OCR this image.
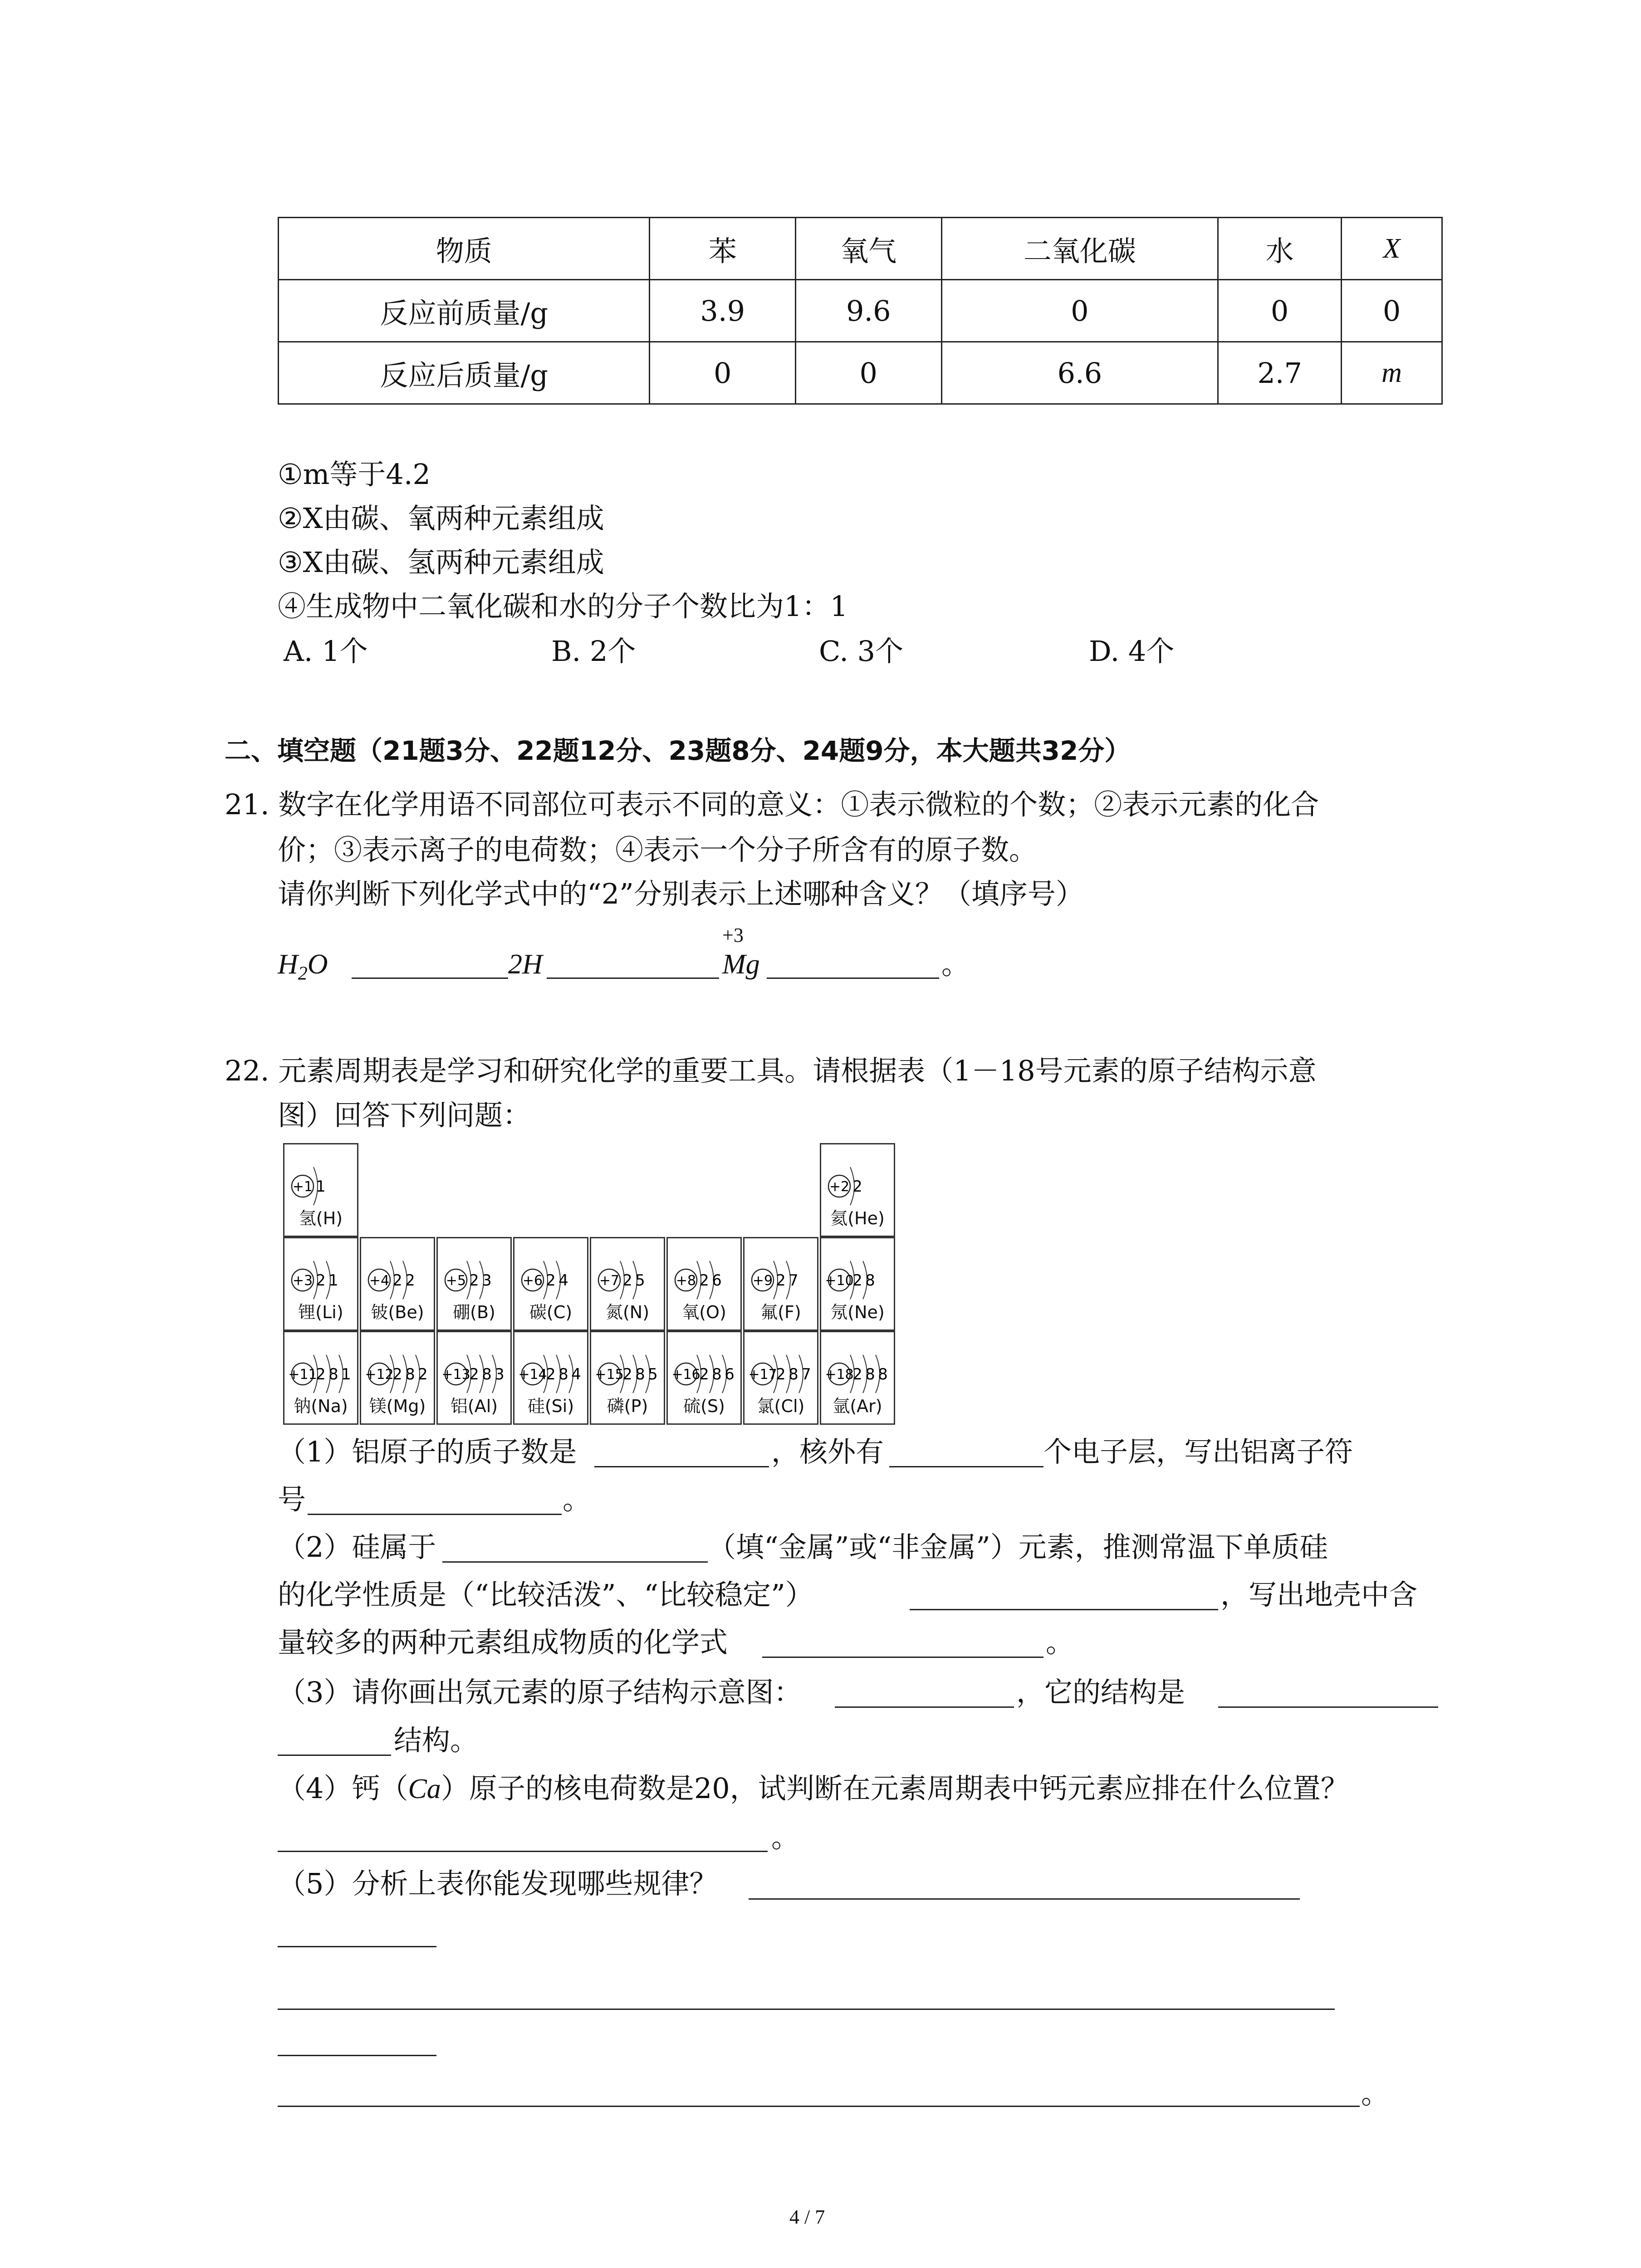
物质	苯	氧气	二氧化碳	水	X
反应前质量/g	3.9	9.6	0	0	0
反应后质量/g	0	0	6.6	2.7	m
①m等于4.2
②X由碳、氧两种元素组成
③X由碳、氢两种元素组成
④生成物中二氧化碳和水的分子个数比为1：1
A. 1个	B. 2个	C. 3个	D. 4个
二、填空题（21题3分、22题12分、23题8分、24题9分，本大题共32分）
21. 数字在化学用语不同部位可表示不同的意义：①表示微粒的个数；②表示元素的化合
价；③表示离子的电荷数；④表示一个分子所含有的原子数。
请你判断下列化学式中的“2”分别表示上述哪种含义？（填序号）
$H_2O$	2H
+3
Mg	。
22. 元素周期表是学习和研究化学的重要工具。请根据表（1－18号元素的原子结构示意
图）回答下列问题：
+1 1
氢(H)
+2 2
氦(He)
+3 2 1
锂(Li)
+4 2 2
铍(Be)
+5 2 3
硼(B)
+6 2 4
碳(C)
+7 2 5
氮(N)
+8 2 6
氧(O)
+9 2 7
氟(F)
+10
2 8
氖(Ne)
+11
2 8 1
钠(Na)
+12
2 8 2
镁(Mg)
+13
2 8 3
铝(Al)
+14
2 8 4
硅(Si)
+15
2 8 5
磷(P)
+16
2 8 6
硫(S)
+17
2 8 7
氯(Cl)
+18
2 8 8
氩(Ar)
（1）铝原子的质子数是	，核外有	个电子层，写出铝离子符
号	。
（2）硅属于	（填“金属”或“非金属”）元素，推测常温下单质硅
的化学性质是（“比较活泼”、“比较稳定”）	，写出地壳中含
量较多的两种元素组成物质的化学式	。
（3）请你画出氖元素的原子结构示意图：	，它的结构是
结构。
（4）钙（Ca）原子的核电荷数是20，试判断在元素周期表中钙元素应排在什么位置？
。
（5）分析上表你能发现哪些规律？
。
4 / 7
